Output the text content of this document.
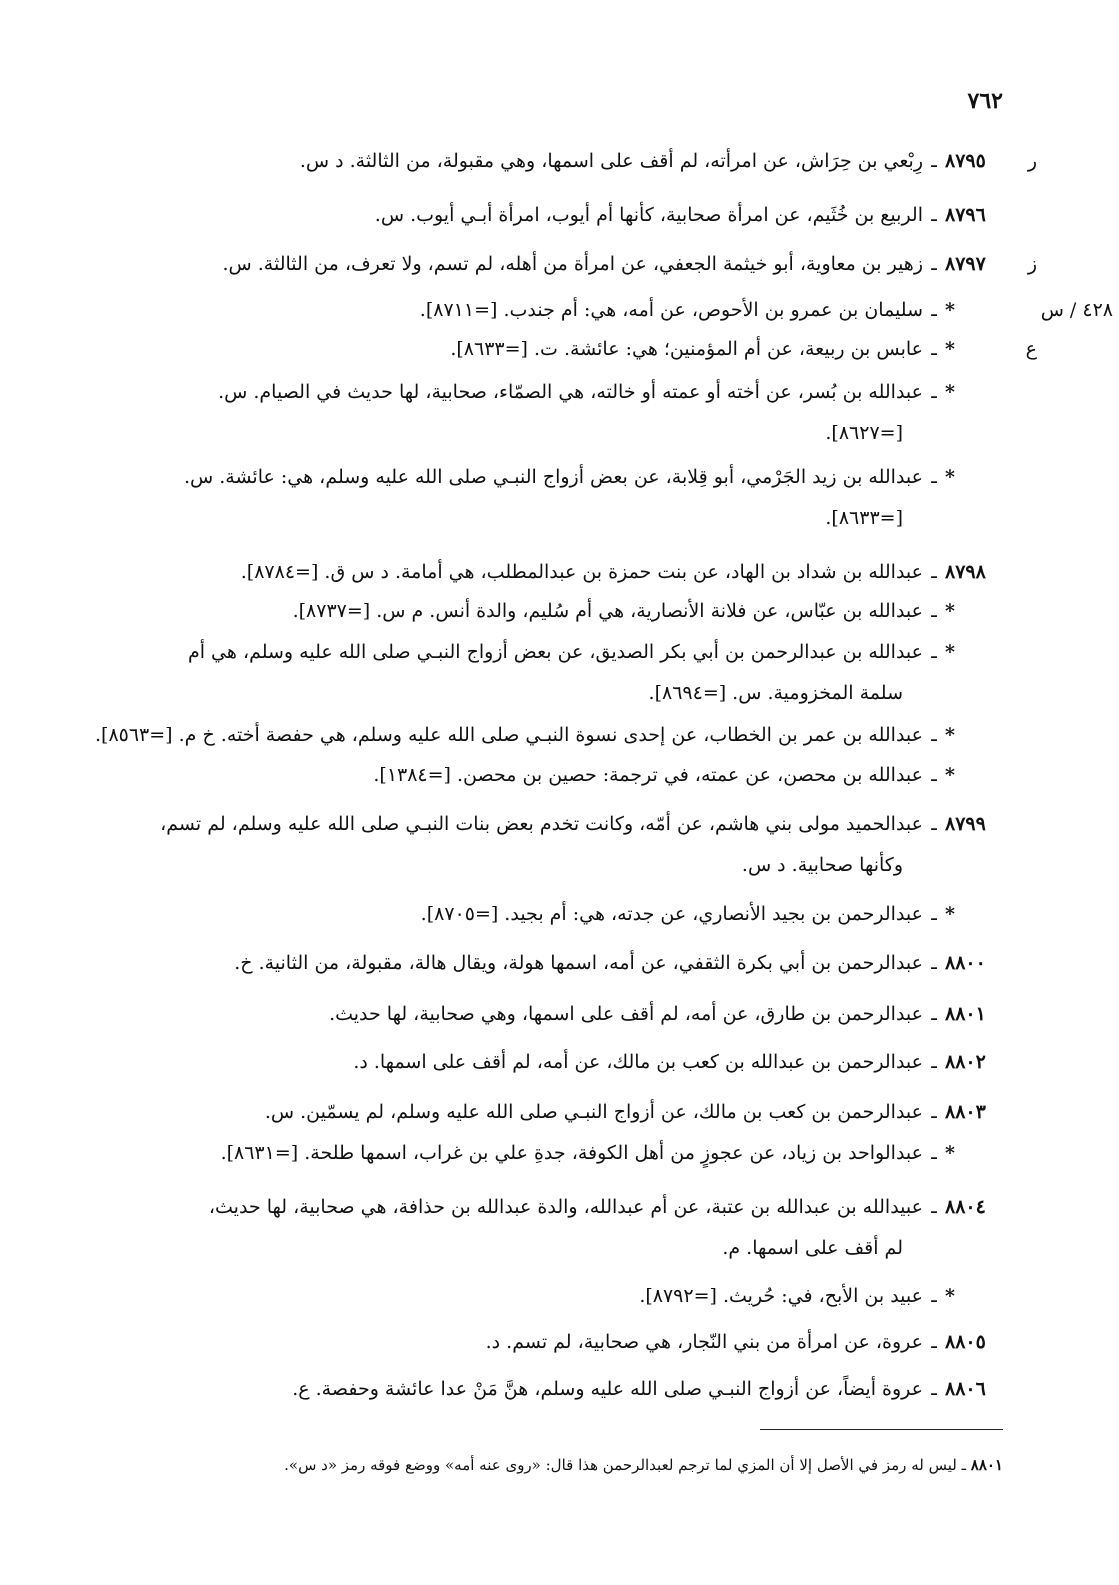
٧٦٢
ر
ز
٤٢٨ / س
ع
٨٧٩٥ـرِبْعي بن حِرَاش، عن امرأته، لم أقف على اسمها، وهي مقبولة، من الثالثة. د س.
٨٧٩٦ـالربيع بن خُثَيم، عن امرأة صحابية، كأنها أم أيوب، امرأة أبـي أيوب. س.
٨٧٩٧ـزهير بن معاوية، أبو خيثمة الجعفي، عن امرأة من أهله، لم تسم، ولا تعرف، من الثالثة. س.
*ـسليمان بن عمرو بن الأحوص، عن أمه، هي: أم جندب. [=٨٧١١].
*ـعابس بن ربيعة، عن أم المؤمنين؛ هي: عائشة. ت. [=٨٦٣٣].
*ـعبدالله بن بُسر، عن أخته أو عمته أو خالته، هي الصمّاء، صحابية، لها حديث في الصيام. س.
[=٨٦٢٧].
*ـعبدالله بن زيد الجَرْمي، أبو قِلابة، عن بعض أزواج النبـي صلى الله عليه وسلم، هي: عائشة. س.
[=٨٦٣٣].
٨٧٩٨ـعبدالله بن شداد بن الهاد، عن بنت حمزة بن عبدالمطلب، هي أمامة. د س ق. [=٨٧٨٤].
*ـعبدالله بن عبّاس، عن فلانة الأنصارية، هي أم سُليم، والدة أنس. م س. [=٨٧٣٧].
*ـعبدالله بن عبدالرحمن بن أبي بكر الصديق، عن بعض أزواج النبـي صلى الله عليه وسلم، هي أم
سلمة المخزومية. س. [=٨٦٩٤].
*ـعبدالله بن عمر بن الخطاب، عن إحدى نسوة النبـي صلى الله عليه وسلم، هي حفصة أخته. خ م. [=٨٥٦٣].
*ـعبدالله بن محصن، عن عمته، في ترجمة: حصين بن محصن. [=١٣٨٤].
٨٧٩٩ـعبدالحميد مولى بني هاشم، عن أمّه، وكانت تخدم بعض بنات النبـي صلى الله عليه وسلم، لم تسم،
وكأنها صحابية. د س.
*ـعبدالرحمن بن بجيد الأنصاري، عن جدته، هي: أم بجيد. [=٨٧٠٥].
٨٨٠٠ـعبدالرحمن بن أبي بكرة الثقفي، عن أمه، اسمها هولة، ويقال هالة، مقبولة، من الثانية. خ.
٨٨٠١ـعبدالرحمن بن طارق، عن أمه، لم أقف على اسمها، وهي صحابية، لها حديث.
٨٨٠٢ـعبدالرحمن بن عبدالله بن كعب بن مالك، عن أمه، لم أقف على اسمها. د.
٨٨٠٣ـعبدالرحمن بن كعب بن مالك، عن أزواج النبـي صلى الله عليه وسلم، لم يسمّين. س.
*ـعبدالواحد بن زياد، عن عجوزٍ من أهل الكوفة، جدةِ علي بن غراب، اسمها طلحة. [=٨٦٣١].
٨٨٠٤ـعبيدالله بن عبدالله بن عتبة، عن أم عبدالله، والدة عبدالله بن حذافة، هي صحابية، لها حديث،
لم أقف على اسمها. م.
*ـعبيد بن الأبح، في: حُريث. [=٨٧٩٢].
٨٨٠٥ـعروة، عن امرأة من بني النّجار، هي صحابية، لم تسم. د.
٨٨٠٦ـعروة أيضاً، عن أزواج النبـي صلى الله عليه وسلم، هنَّ مَنْ عدا عائشة وحفصة. ع.
٨٨٠١ ـ ليس له رمز في الأصل إلا أن المزي لما ترجم لعبدالرحمن هذا قال: «روى عنه أمه» ووضع فوقه رمز «د س».
